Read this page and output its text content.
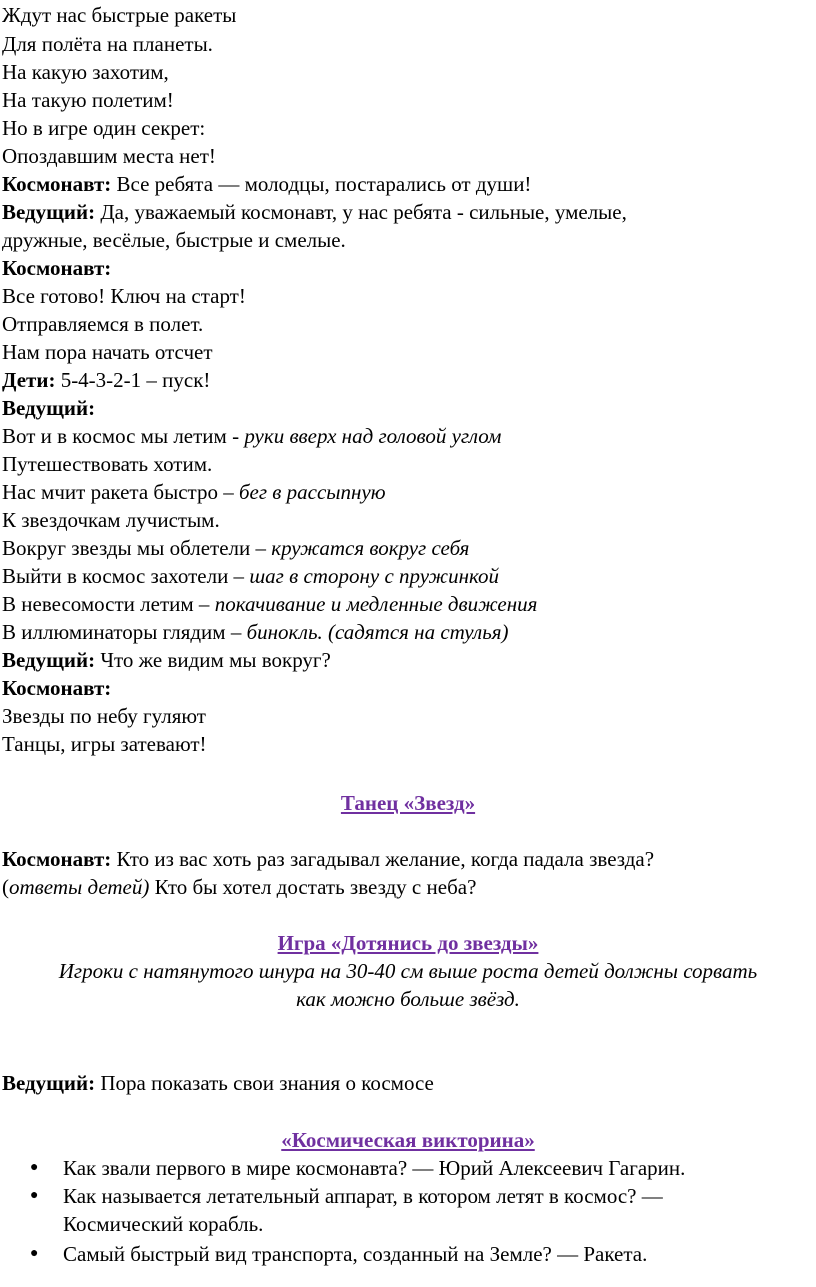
Ждут нас быстрые ракеты
Для полёта на планеты.
На какую захотим,
На такую полетим!
Но в игре один секрет:
Опоздавшим места нет!
Космонавт: Все ребята — молодцы, постарались от души!
Ведущий: Да, уважаемый космонавт, у нас ребята - сильные, умелые,
дружные, весёлые, быстрые и смелые.
Космонавт:
Все готово! Ключ на старт!
Отправляемся в полет.
Нам пора начать отсчет
Дети: 5-4-3-2-1 – пуск!
Ведущий:
Вот и в космос мы летим - руки вверх над головой углом
Путешествовать хотим.
Нас мчит ракета быстро – бег в рассыпную
К звездочкам лучистым.
Вокруг звезды мы облетели – кружатся вокруг себя
Выйти в космос захотели – шаг в сторону с пружинкой
В невесомости летим – покачивание и медленные движения
В иллюминаторы глядим – бинокль. (садятся на стулья)
Ведущий: Что же видим мы вокруг?
Космонавт:
Звезды по небу гуляют
Танцы, игры затевают!
Танец «Звезд»
Космонавт: Кто из вас хоть раз загадывал желание, когда падала звезда?
(ответы детей) Кто бы хотел достать звезду с неба?
Игра «Дотянись до звезды»
Игроки с натянутого шнура на 30-40 см выше роста детей должны сорвать
как можно больше звёзд.
Ведущий: Пора показать свои знания о космосе
«Космическая викторина»
● Как звали первого в мире космонавта? — Юрий Алексеевич Гагарин.
● Как называется летательный аппарат, в котором летят в космос? —
Космический корабль.
● Самый быстрый вид транспорта, созданный на Земле? — Ракета.
